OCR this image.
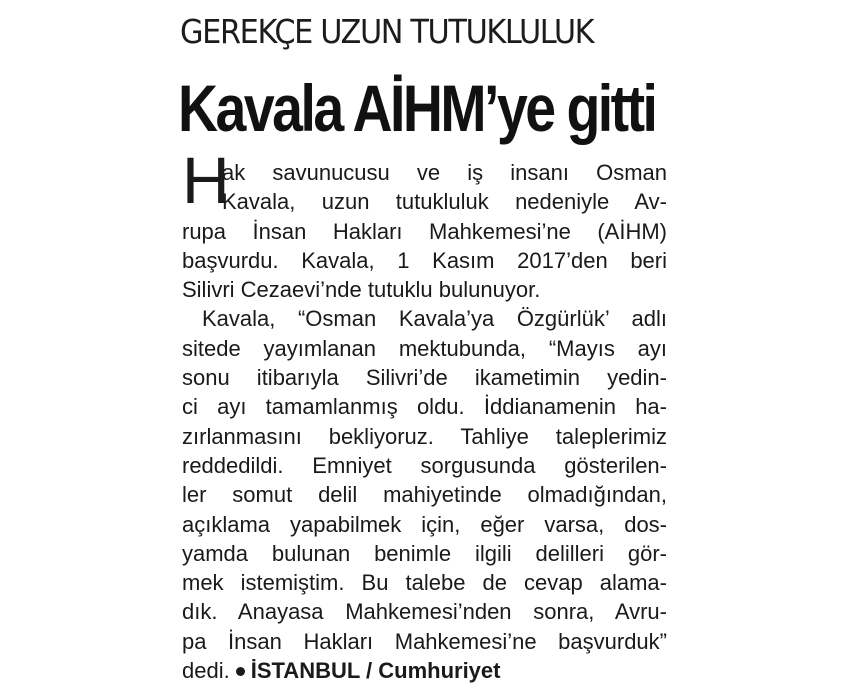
GEREKÇE UZUN TUTUKLULUK
Kavala AİHM’ye gitti
H
ak savunucusu ve iş insanı Osman
Kavala, uzun tutukluluk nedeniyle Av-
rupa İnsan Hakları Mahkemesi’ne (AİHM)
başvurdu. Kavala, 1 Kasım 2017’den beri
Silivri Cezaevi’nde tutuklu bulunuyor.
Kavala, “Osman Kavala’ya Özgürlük’ adlı
sitede yayımlanan mektubunda, “Mayıs ayı
sonu itibarıyla Silivri’de ikametimin yedin-
ci ayı tamamlanmış oldu. İddianamenin ha-
zırlanmasını bekliyoruz. Tahliye taleplerimiz
reddedildi. Emniyet sorgusunda gösterilen-
ler somut delil mahiyetinde olmadığından,
açıklama yapabilmek için, eğer varsa, dos-
yamda bulunan benimle ilgili delilleri gör-
mek istemiştim. Bu talebe de cevap alama-
dık. Anayasa Mahkemesi’nden sonra, Avru-
pa İnsan Hakları Mahkemesi’ne başvurduk”
dedi. İSTANBUL / Cumhuriyet
